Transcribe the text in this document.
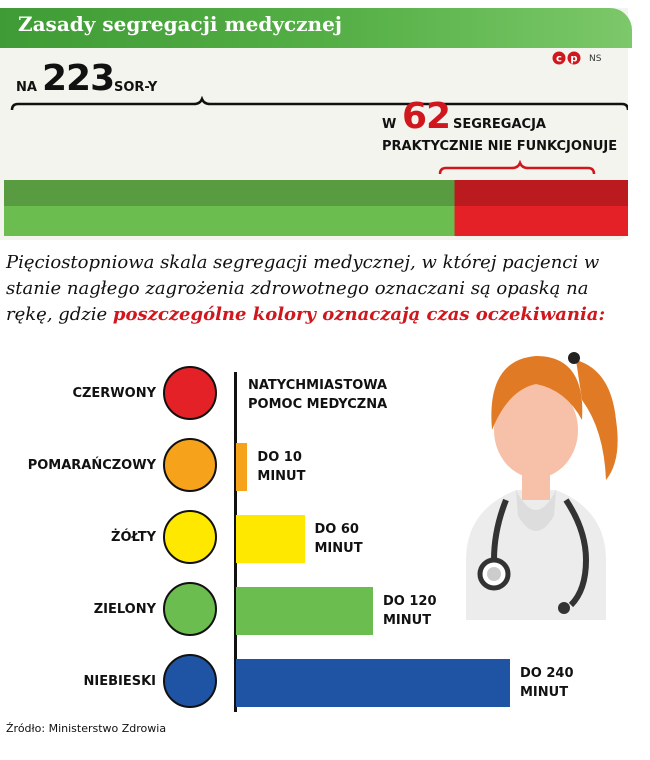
Zasady segregacji medycznej
c p NS
NA 223 SOR-Y
W 62 SEGREGACJA
PRAKTYCZNIE NIE FUNKCJONUJE
Pięciostopniowa skala segregacji medycznej, w której pacjenci w stanie nagłego zagrożenia zdrowotnego oznaczani są opaską na rękę, gdzie poszczególne kolory oznaczają czas oczekiwania:
CZERWONY
NATYCHMIASTOWA
POMOC MEDYCZNA
POMARAŃCZOWY
DO 10
MINUT
ŻÓŁTY
DO 60
MINUT
ZIELONY
DO 120
MINUT
NIEBIESKI
DO 240
MINUT
Źródło: Ministerstwo Zdrowia
